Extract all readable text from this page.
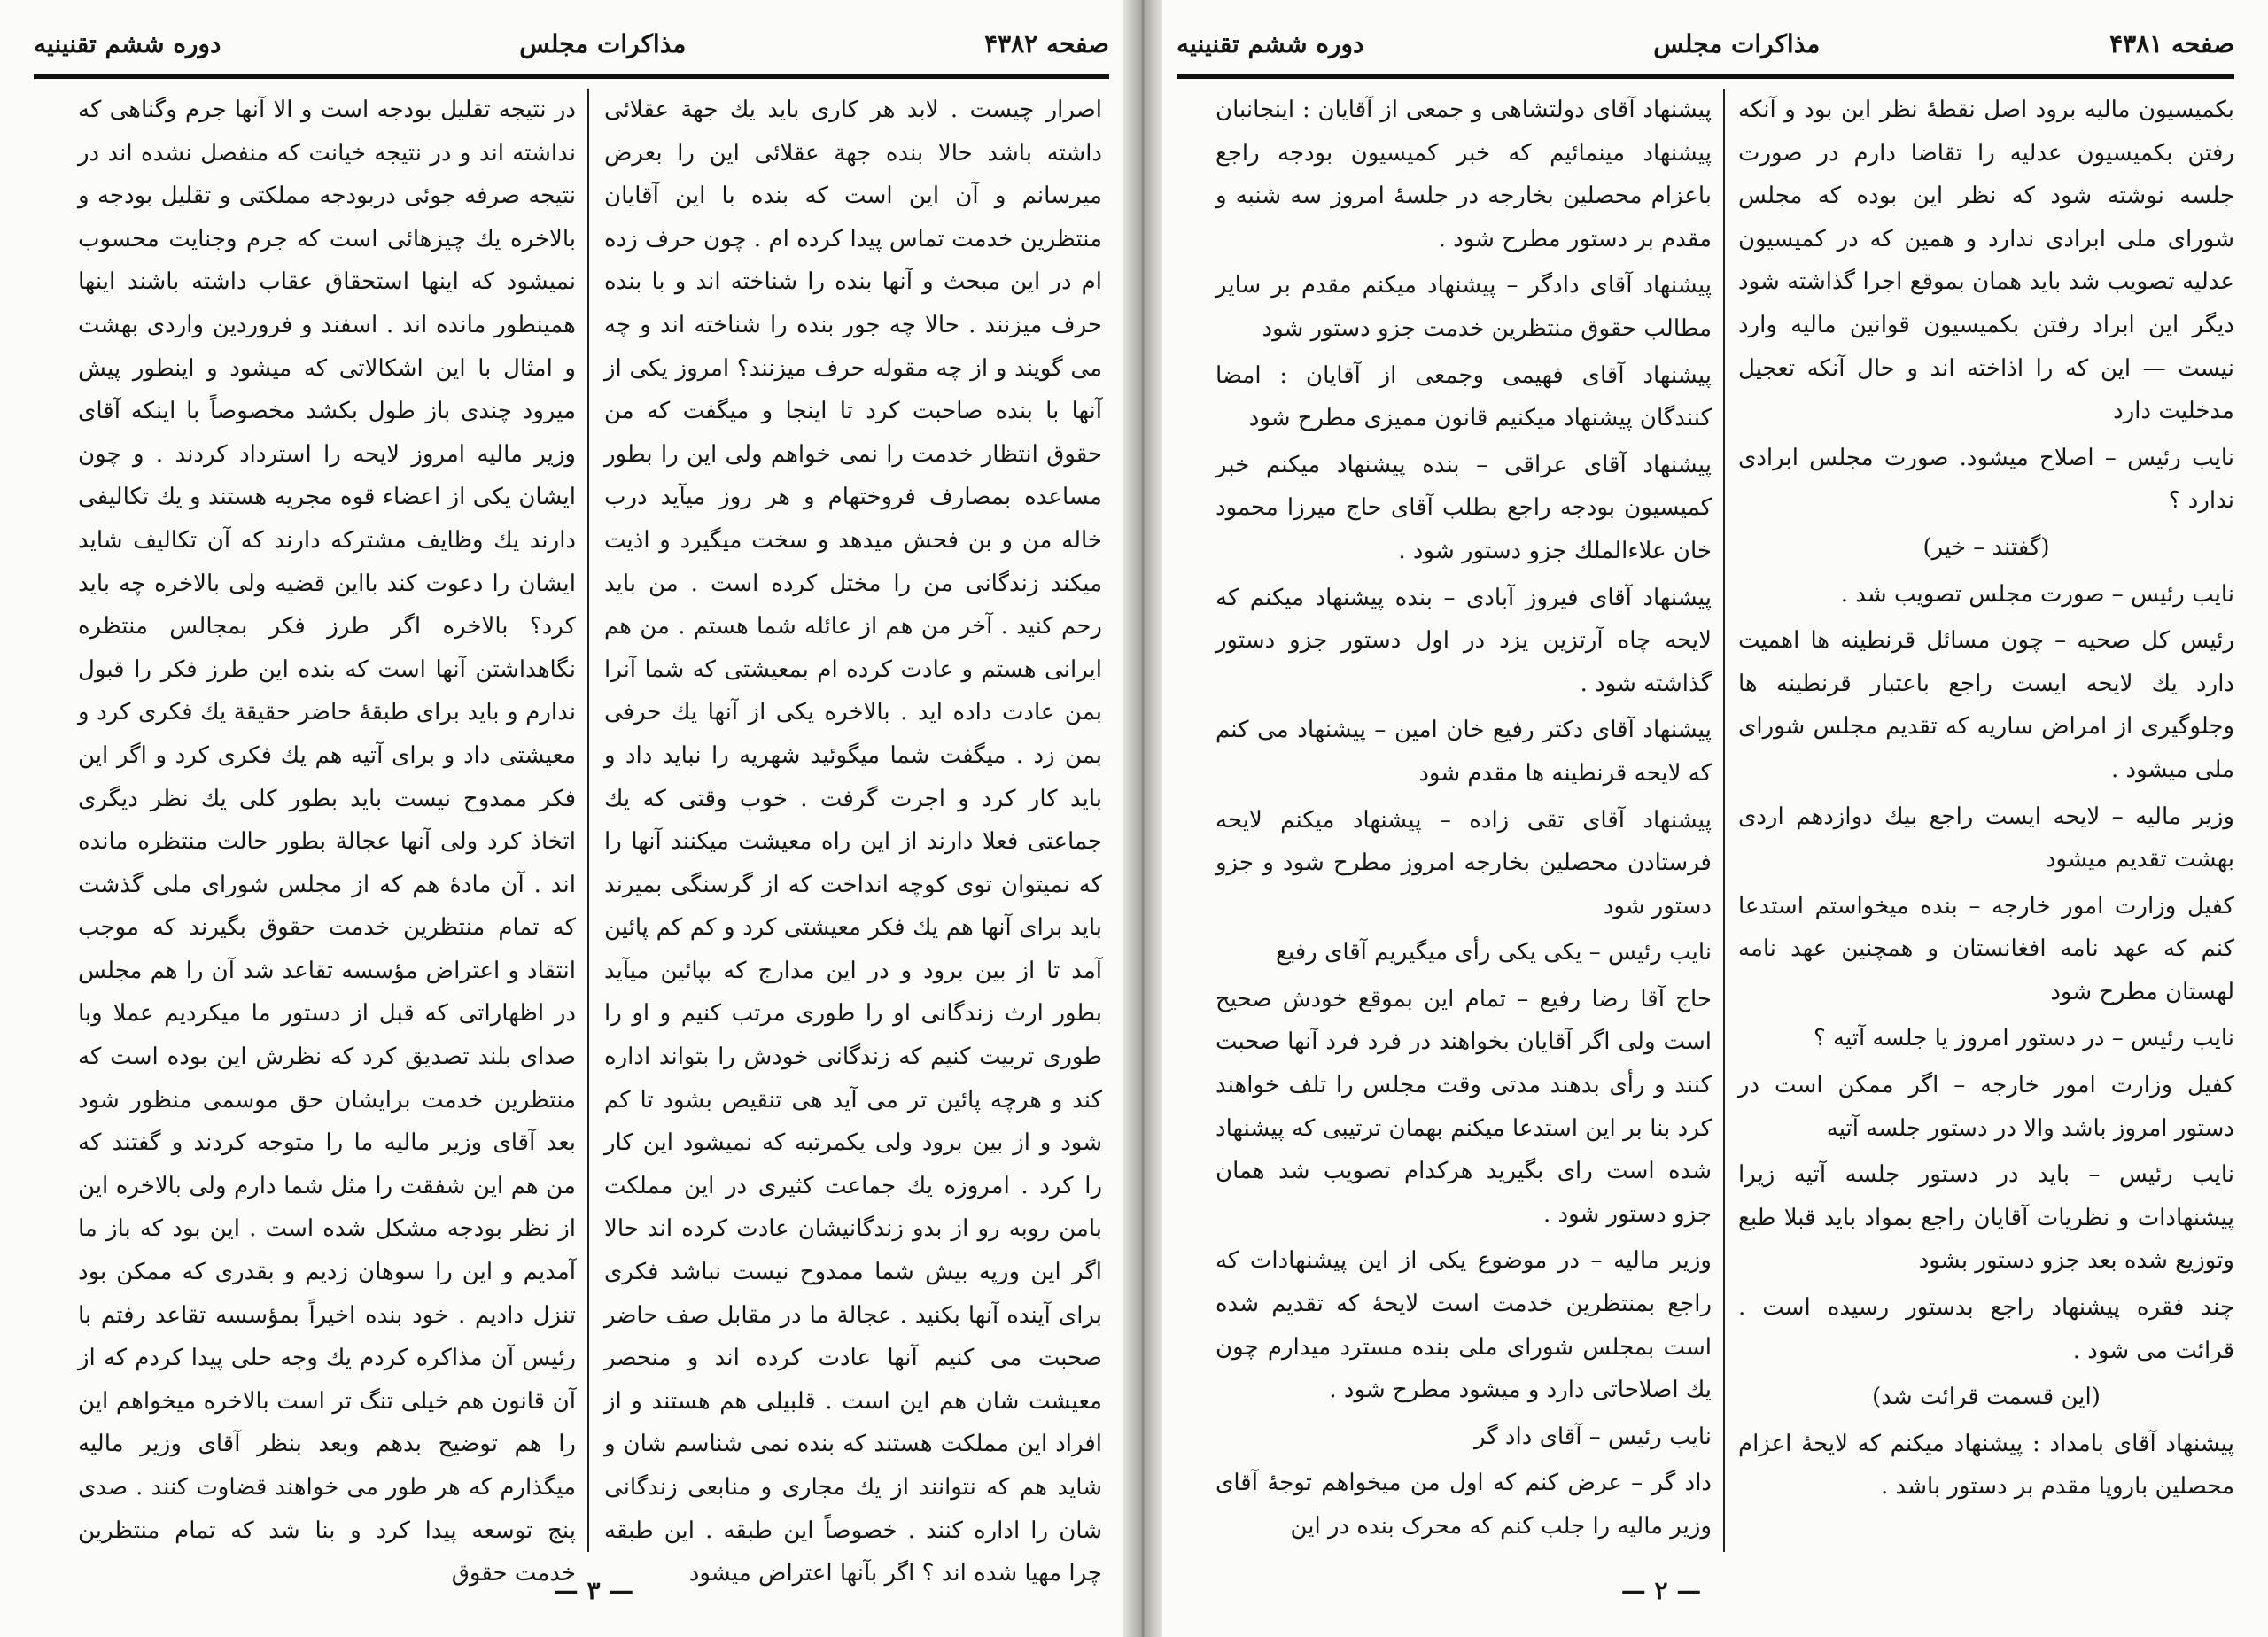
صفحه ۴۳۸۱
مذاکرات مجلس
دوره ششم تقنینیه

بکمیسیون مالیه برود اصل نقطهٔ نظر این بود و آنکه رفتن بکمیسیون عدلیه را تقاضا دارم در صورت جلسه نوشته شود که نظر این بوده که مجلس شورای ملی ابرادی ندارد و همین که در کمیسیون عدلیه تصویب شد باید همان بموقع اجرا گذاشته شود دیگر این ابراد رفتن بکمیسیون قوانین مالیه وارد نیست — این که را اذاخته اند و حال آنکه تعجیل مدخلیت دارد

نایب رئیس – اصلاح میشود. صورت مجلس ابرادی ندارد ؟

(گفتند – خیر)

نایب رئیس – صورت مجلس تصویب شد .

رئیس کل صحیه – چون مسائل قرنطینه ها اهمیت دارد یك لایحه ایست راجع باعتبار قرنطینه ها وجلوگیری از امراض ساریه که تقدیم مجلس شورای ملی میشود .

وزیر مالیه – لایحه ایست راجع بیك دوازدهم اردی بهشت تقدیم میشود

کفیل وزارت امور خارجه – بنده میخواستم استدعا کنم که عهد نامه افغانستان و همچنین عهد نامه لهستان مطرح شود

نایب رئیس – در دستور امروز یا جلسه آتیه ؟

کفیل وزارت امور خارجه – اگر ممکن است در دستور امروز باشد والا در دستور جلسه آتیه

نایب رئیس – باید در دستور جلسه آتیه زیرا پیشنهادات و نظریات آقایان راجع بمواد باید قبلا طبع وتوزیع شده بعد جزو دستور بشود

چند فقره پیشنهاد راجع بدستور رسیده است . قرائت می شود .

(این قسمت قرائت شد)

پیشنهاد آقای بامداد : پیشنهاد میکنم که لایحهٔ اعزام محصلین باروپا مقدم بر دستور باشد .

پیشنهاد آقای دولتشاهی و جمعی از آقایان : اینجانبان پیشنهاد مینمائیم که خبر کمیسیون بودجه راجع باعزام محصلین بخارجه در جلسهٔ امروز سه شنبه و مقدم بر دستور مطرح شود .

پیشنهاد آقای دادگر – پیشنهاد میکنم مقدم بر سایر مطالب حقوق منتظرین خدمت جزو دستور شود

پیشنهاد آقای فهیمی وجمعی از آقایان : امضا کنندگان پیشنهاد میکنیم قانون ممیزی مطرح شود

پیشنهاد آقای عراقی – بنده پیشنهاد میکنم خبر کمیسیون بودجه راجع بطلب آقای حاج میرزا محمود خان علاءالملك جزو دستور شود .

پیشنهاد آقای فیروز آبادی – بنده پیشنهاد میکنم که لایحه چاه آرتزین یزد در اول دستور جزو دستور گذاشته شود .

پیشنهاد آقای دکتر رفیع خان امین – پیشنهاد می کنم که لایحه قرنطینه ها مقدم شود

پیشنهاد آقای تقی زاده – پیشنهاد میکنم لایحه فرستادن محصلین بخارجه امروز مطرح شود و جزو دستور شود

نایب رئیس – یکی یکی رأی میگیریم آقای رفیع

حاج آقا رضا رفیع – تمام این بموقع خودش صحیح است ولی اگر آقایان بخواهند در فرد فرد آنها صحبت کنند و رأی بدهند مدتی وقت مجلس را تلف خواهند کرد بنا بر این استدعا میکنم بهمان ترتیبی که پیشنهاد شده است رای بگیرید هرکدام تصویب شد همان جزو دستور شود .

وزیر مالیه – در موضوع یکی از این پیشنهادات که راجع بمنتظرین خدمت است لایحهٔ که تقدیم شده است بمجلس شورای ملی بنده مسترد میدارم چون یك اصلاحاتی دارد و میشود مطرح شود .

نایب رئیس – آقای داد گر

داد گر – عرض کنم که اول من میخواهم توجهٔ آقای وزیر مالیه را جلب کنم که محرک بنده در این

— ۲ —
صفحه ۴۳۸۲
مذاکرات مجلس
دوره ششم تقنینیه

اصرار چیست . لابد هر کاری باید یك جهة عقلائی داشته باشد حالا بنده جهة عقلائی این را بعرض میرسانم و آن این است که بنده با این آقایان منتظرین خدمت تماس پیدا کرده ام . چون حرف زده ام در این مبحث و آنها بنده را شناخته اند و با بنده حرف میزنند . حالا چه جور بنده را شناخته اند و چه می گویند و از چه مقوله حرف میزنند؟ امروز یکی از آنها با بنده صاحبت کرد تا اینجا و میگفت که من حقوق انتظار خدمت را نمی خواهم ولی این را بطور مساعده بمصارف فروختهام و هر روز میآید درب خاله من و بن فحش میدهد و سخت میگیرد و اذیت میکند زندگانی من را مختل کرده است . من باید رحم کنید . آخر من هم از عائله شما هستم . من هم ایرانی هستم و عادت کرده ام بمعیشتی که شما آنرا بمن عادت داده اید . بالاخره یکی از آنها یك حرفی بمن زد . میگفت شما میگوئید شهریه را نباید داد و باید کار کرد و اجرت گرفت . خوب وقتی که یك جماعتی فعلا دارند از این راه معیشت میکنند آنها را که نمیتوان توی کوچه انداخت که از گرسنگی بمیرند باید برای آنها هم یك فکر معیشتی کرد و کم کم پائین آمد تا از بین برود و در این مدارج که بپائین میآید بطور ارث زندگانی او را طوری مرتب کنیم و او را طوری تربیت کنیم که زندگانی خودش را بتواند اداره کند و هرچه پائین تر می آید هی تنقیص بشود تا کم شود و از بین برود ولی یکمرتبه که نمیشود این کار را کرد . امروزه یك جماعت کثیری در این مملکت بامن روبه رو از بدو زندگانیشان عادت کرده اند حالا اگر این ورپه بیش شما ممدوح نیست نباشد فکری برای آینده آنها بکنید . عجالة ما در مقابل صف حاضر صحبت می کنیم آنها عادت کرده اند و منحصر معیشت شان هم این است . قلبیلی هم هستند و از افراد این مملکت هستند که بنده نمی شناسم شان و شاید هم که نتوانند از یك مجاری و منابعی زندگانی شان را اداره کنند . خصوصاً این طبقه . این طبقه چرا مهیا شده اند ؟ اگر بآنها اعتراض میشود

در نتیجه تقلیل بودجه است و الا آنها جرم وگناهی که نداشته اند و در نتیجه خیانت که منفصل نشده اند در نتیجه صرفه جوئی دربودجه مملکتی و تقلیل بودجه و بالاخره یك چیزهائی است که جرم وجنایت محسوب نمیشود که اینها استحقاق عقاب داشته باشند اینها همینطور مانده اند . اسفند و فروردین واردی بهشت و امثال با این اشکالاتی که میشود و اینطور پیش میرود چندی باز طول بکشد مخصوصاً با اینکه آقای وزیر مالیه امروز لایحه را استرداد کردند . و چون ایشان یکی از اعضاء قوه مجریه هستند و یك تکالیفی دارند یك وظایف مشترکه دارند که آن تکالیف شاید ایشان را دعوت کند بااین قضیه ولی بالاخره چه باید کرد؟ بالاخره اگر طرز فکر بمجالس منتظره نگاهداشتن آنها است که بنده این طرز فکر را قبول ندارم و باید برای طبقهٔ حاضر حقیقة یك فکری کرد و معیشتی داد و برای آتیه هم یك فکری کرد و اگر این فکر ممدوح نیست باید بطور کلی یك نظر دیگری اتخاذ کرد ولی آنها عجالة بطور حالت منتظره مانده اند . آن مادهٔ هم که از مجلس شورای ملی گذشت که تمام منتظرین خدمت حقوق بگیرند که موجب انتقاد و اعتراض مؤسسه تقاعد شد آن را هم مجلس در اظهاراتی که قبل از دستور ما میکردیم عملا وبا صدای بلند تصدیق کرد که نظرش این بوده است که منتظرین خدمت برایشان حق موسمی منظور شود بعد آقای وزیر مالیه ما را متوجه کردند و گفتند که من هم این شفقت را مثل شما دارم ولی بالاخره این از نظر بودجه مشکل شده است . این بود که باز ما آمدیم و این را سوهان زدیم و بقدری که ممکن بود تنزل دادیم . خود بنده اخیراً بمؤسسه تقاعد رفتم با رئیس آن مذاکره کردم یك وجه حلی پیدا کردم که از آن قانون هم خیلی تنگ تر است بالاخره میخواهم این را هم توضیح بدهم وبعد بنظر آقای وزیر مالیه میگذارم که هر طور می خواهند قضاوت کنند . صدی پنج توسعه پیدا کرد و بنا شد که تمام منتظرین خدمت حقوق

— ۳ —
